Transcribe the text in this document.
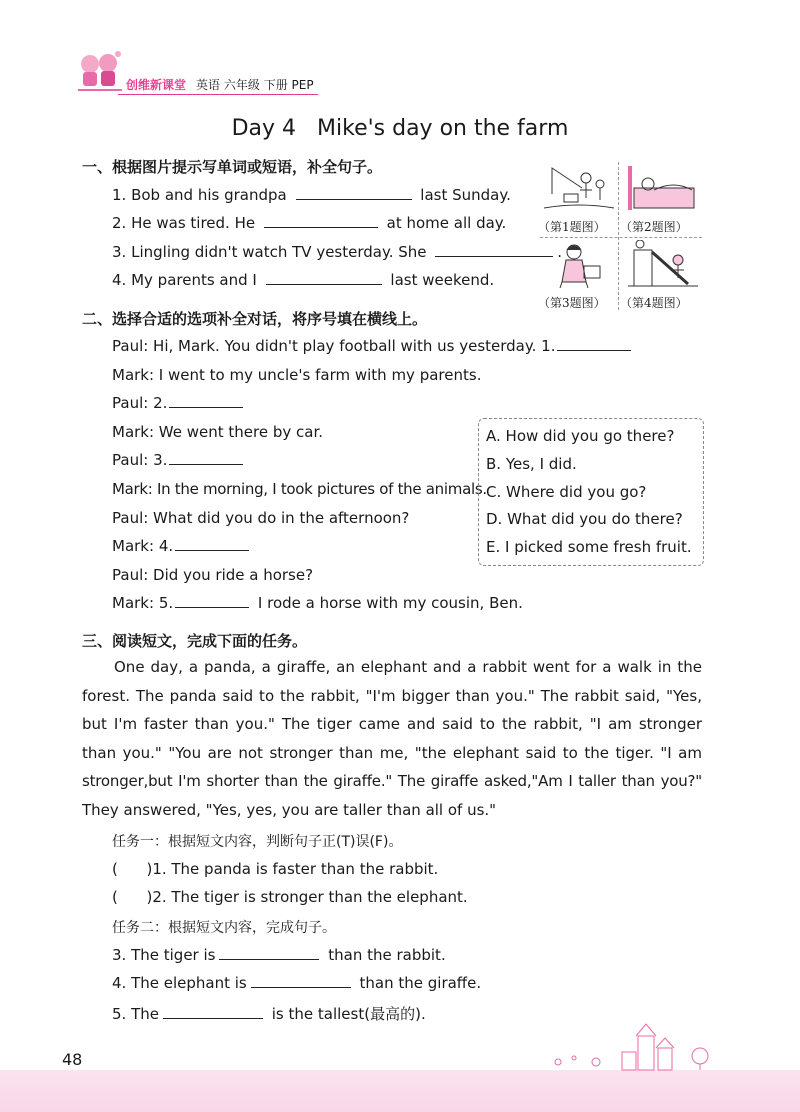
创维新课堂 英语 六年级 下册 PEP
Day 4   Mike's day on the farm
一、根据图片提示写单词或短语，补全句子。
1. Bob and his grandpa	last Sunday.
2. He was tired. He	at home all day.
3. Lingling didn't watch TV yesterday. She	.
4. My parents and I	last weekend.
（第1题图） （第2题图）
（第3题图） （第4题图）
二、选择合适的选项补全对话，将序号填在横线上。
Paul: Hi, Mark. You didn't play football with us yesterday. 1.
Mark: I went to my uncle's farm with my parents.
Paul: 2.
Mark: We went there by car.
Paul: 3.
Mark: In the morning, I took pictures of the animals.
Paul: What did you do in the afternoon?
Mark: 4.
Paul: Did you ride a horse?
Mark: 5.	I rode a horse with my cousin, Ben.
A. How did you go there?
B. Yes, I did.
C. Where did you go?
D. What did you do there?
E. I picked some fresh fruit.
三、阅读短文，完成下面的任务。
One day, a panda, a giraffe, an elephant and a rabbit went for a walk in the
forest. The panda said to the rabbit, "I'm bigger than you." The rabbit said, "Yes,
but I'm faster than you." The tiger came and said to the rabbit, "I am stronger
than you." "You are not stronger than me, "the elephant said to the tiger. "I am
stronger,but I'm shorter than the giraffe." The giraffe asked,"Am I taller than you?"
They answered, "Yes, yes, you are taller than all of us."
任务一：根据短文内容，判断句子正(T)误(F)。
(      )1. The panda is faster than the rabbit.
(      )2. The tiger is stronger than the elephant.
任务二：根据短文内容，完成句子。
3. The tiger is	than the rabbit.
4. The elephant is	than the giraffe.
5. The	is the tallest(最高的).
48
